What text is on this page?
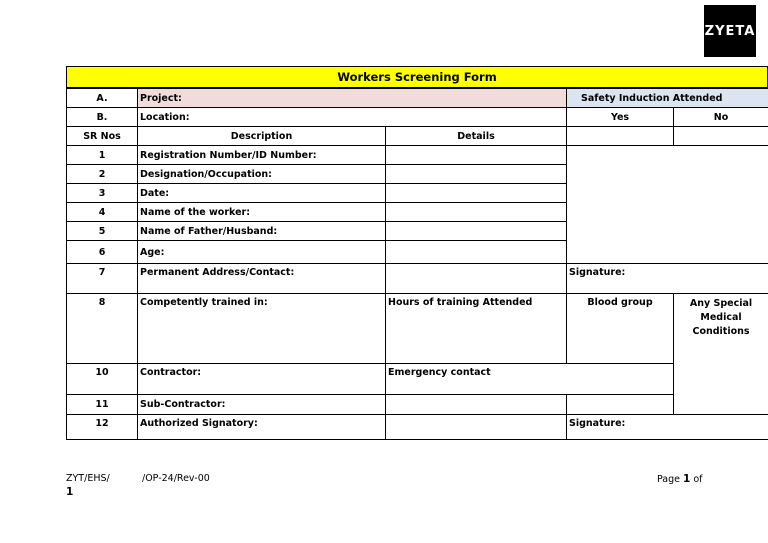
ZYETA
Workers Screening Form
A.	Project:		Safety Induction Attended	
B.	Location:		Yes	No
SR Nos	Description	Details		
1	Registration Number/ID Number:			
2	Designation/Occupation:			
3	Date:			
4	Name of the worker:			
5	Name of Father/Husband:			
6	Age:			
7	Permanent Address/Contact:		Signature:	
8	Competently trained in:	Hours of training Attended	Blood group	Any Special Medical Conditions
10	Contractor:	Emergency contact		
11	Sub-Contractor:			
12	Authorized Signatory:		Signature:	
ZYT/EHS/
1
/OP-24/Rev-00	Page 1 of
